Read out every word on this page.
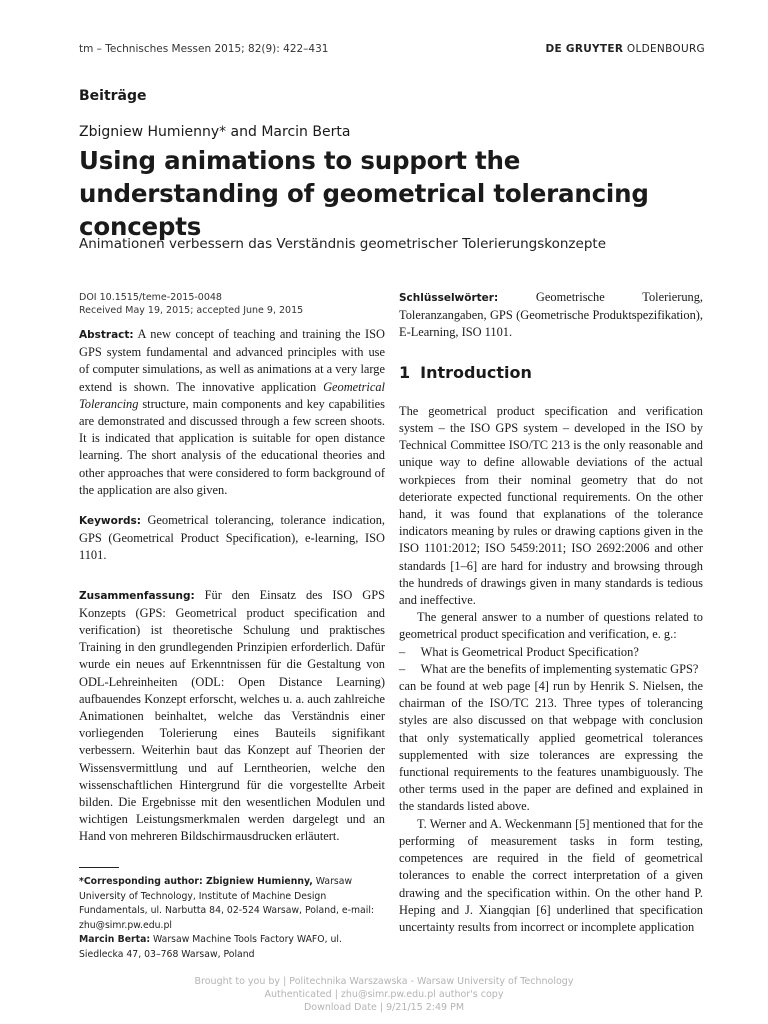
tm – Technisches Messen 2015; 82(9): 422–431	DE GRUYTER OLDENBOURG
Beiträge
Zbigniew Humienny* and Marcin Berta
Using animations to support the understanding of geometrical tolerancing concepts
Animationen verbessern das Verständnis geometrischer Tolerierungskonzepte
DOI 10.1515/teme-2015-0048
Received May 19, 2015; accepted June 9, 2015

Abstract: A new concept of teaching and training the ISO GPS system fundamental and advanced principles with use of computer simulations, as well as animations at a very large extend is shown. The innovative application Geometrical Tolerancing structure, main components and key capabilities are demonstrated and discussed through a few screen shoots. It is indicated that application is suitable for open distance learning. The short analysis of the educational theories and other approaches that were considered to form background of the application are also given.

Keywords: Geometrical tolerancing, tolerance indication, GPS (Geometrical Product Specification), e-learning, ISO 1101.

Zusammenfassung: Für den Einsatz des ISO GPS Konzepts (GPS: Geometrical product specification and verification) ist theoretische Schulung und praktisches Training in den grundlegenden Prinzipien erforderlich. Dafür wurde ein neues auf Erkenntnissen für die Gestaltung von ODL-Lehreinheiten (ODL: Open Distance Learning) aufbauendes Konzept erforscht, welches u. a. auch zahlreiche Animationen beinhaltet, welche das Verständnis einer vorliegenden Tolerierung eines Bauteils signifikant verbessern. Weiterhin baut das Konzept auf Theorien der Wissensvermittlung und auf Lerntheorien, welche den wissenschaftlichen Hintergrund für die vorgestellte Arbeit bilden. Die Ergebnisse mit den wesentlichen Modulen und wichtigen Leistungsmerkmalen werden dargelegt und an Hand von mehreren Bildschirmausdrucken erläutert.

*Corresponding author: Zbigniew Humienny, Warsaw University of Technology, Institute of Machine Design Fundamentals, ul. Narbutta 84, 02-524 Warsaw, Poland, e-mail: zhu@simr.pw.edu.pl
Marcin Berta: Warsaw Machine Tools Factory WAFO, ul. Siedlecka 47, 03–768 Warsaw, Poland

Schlüsselwörter: Geometrische Tolerierung, Toleranzangaben, GPS (Geometrische Produktspezifikation), E-Learning, ISO 1101.

1 Introduction

The geometrical product specification and verification system – the ISO GPS system – developed in the ISO by Technical Committee ISO/TC 213 is the only reasonable and unique way to define allowable deviations of the actual workpieces from their nominal geometry that do not deteriorate expected functional requirements. On the other hand, it was found that explanations of the tolerance indicators meaning by rules or drawing captions given in the ISO 1101:2012; ISO 5459:2011; ISO 2692:2006 and other standards [1–6] are hard for industry and browsing through the hundreds of drawings given in many standards is tedious and ineffective.

The general answer to a number of questions related to geometrical product specification and verification, e. g.:

–     What is Geometrical Product Specification?

–     What are the benefits of implementing systematic GPS?

can be found at web page [4] run by Henrik S. Nielsen, the chairman of the ISO/TC 213. Three types of tolerancing styles are also discussed on that webpage with conclusion that only systematically applied geometrical tolerances supplemented with size tolerances are expressing the functional requirements to the features unambiguously. The other terms used in the paper are defined and explained in the standards listed above.

T. Werner and A. Weckenmann [5] mentioned that for the performing of measurement tasks in form testing, competences are required in the field of geometrical tolerances to enable the correct interpretation of a given drawing and the specification within. On the other hand P. Heping and J. Xiangqian [6] underlined that specification uncertainty results from incorrect or incomplete application

Brought to you by | Politechnika Warszawska - Warsaw University of Technology
Authenticated | zhu@simr.pw.edu.pl author's copy
Download Date | 9/21/15 2:49 PM
